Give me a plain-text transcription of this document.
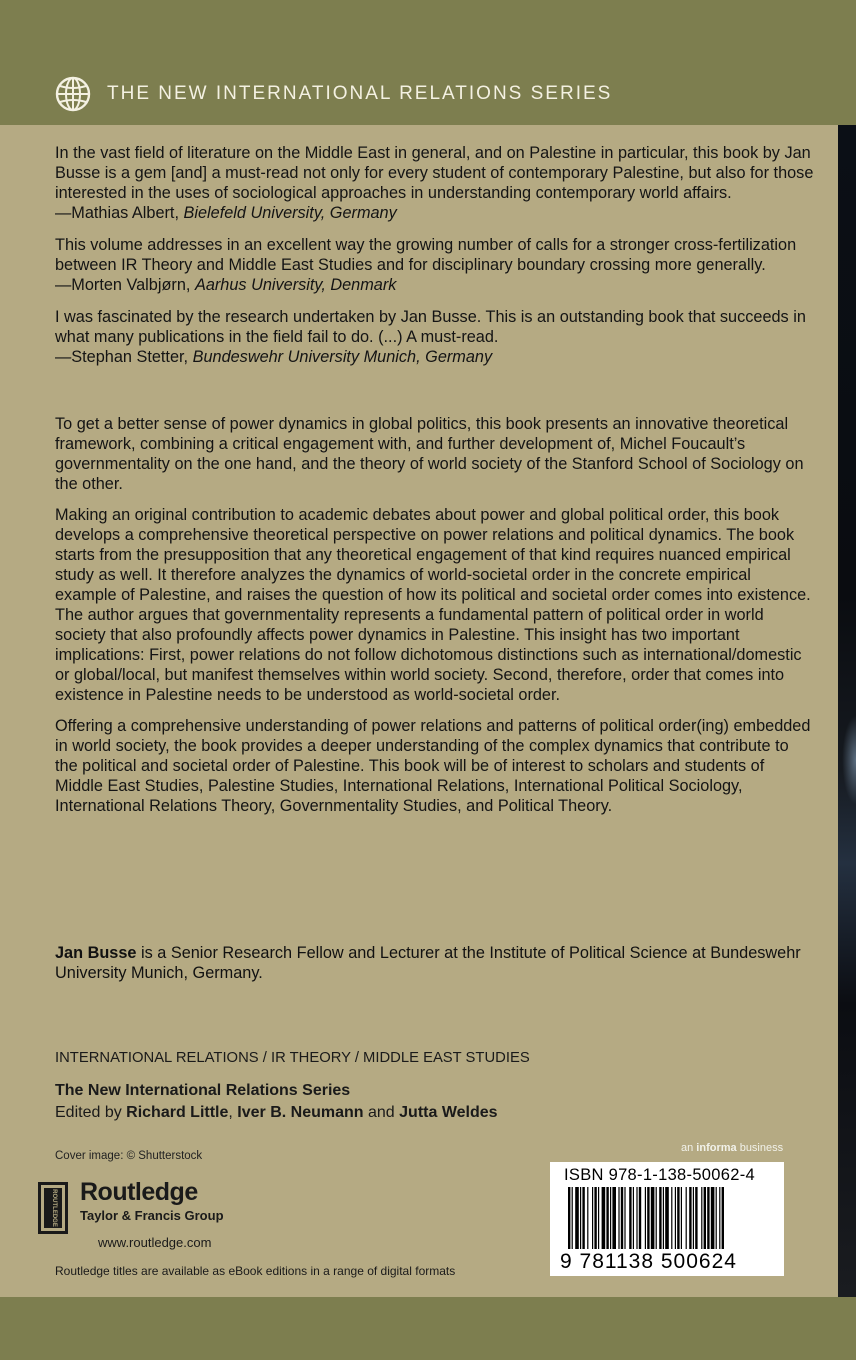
THE NEW INTERNATIONAL RELATIONS SERIES

In the vast field of literature on the Middle East in general, and on Palestine in particular, this book by Jan Busse is a gem [and] a must-read not only for every student of contemporary Palestine, but also for those interested in the uses of sociological approaches in understanding contemporary world affairs.

—Mathias Albert, Bielefeld University, Germany

This volume addresses in an excellent way the growing number of calls for a stronger cross-fertilization between IR Theory and Middle East Studies and for disciplinary boundary crossing more generally.

—Morten Valbjørn, Aarhus University, Denmark

I was fascinated by the research undertaken by Jan Busse. This is an outstanding book that succeeds in what many publications in the field fail to do. (...) A must-read.

—Stephan Stetter, Bundeswehr University Munich, Germany

To get a better sense of power dynamics in global politics, this book presents an innovative theoretical framework, combining a critical engagement with, and further development of, Michel Foucault’s governmentality on the one hand, and the theory of world society of the Stanford School of Sociology on the other.

Making an original contribution to academic debates about power and global political order, this book develops a comprehensive theoretical perspective on power relations and political dynamics. The book starts from the presupposition that any theoretical engagement of that kind requires nuanced empirical study as well. It therefore analyzes the dynamics of world-societal order in the concrete empirical example of Palestine, and raises the question of how its political and societal order comes into existence. The author argues that governmentality represents a fundamental pattern of political order in world society that also profoundly affects power dynamics in Palestine. This insight has two important implications: First, power relations do not follow dichotomous distinctions such as international/domestic or global/local, but manifest themselves within world society. Second, therefore, order that comes into existence in Palestine needs to be understood as world-societal order.

Offering a comprehensive understanding of power relations and patterns of political order(ing) embedded in world society, the book provides a deeper understanding of the complex dynamics that contribute to the political and societal order of Palestine. This book will be of interest to scholars and students of Middle East Studies, Palestine Studies, International Relations, International Political Sociology, International Relations Theory, Governmentality Studies, and Political Theory.

Jan Busse is a Senior Research Fellow and Lecturer at the Institute of Political Science at Bundeswehr University Munich, Germany.
INTERNATIONAL RELATIONS / IR THEORY / MIDDLE EAST STUDIES
The New International Relations Series
Edited by Richard Little, Iver B. Neumann and Jutta Weldes
Cover image: © Shutterstock
ROUTLEDGE Routledge
Taylor & Francis Group
www.routledge.com
Routledge titles are available as eBook editions in a range of digital formats
an informa business
ISBN 978-1-138-50062-4
9 781138 500624
